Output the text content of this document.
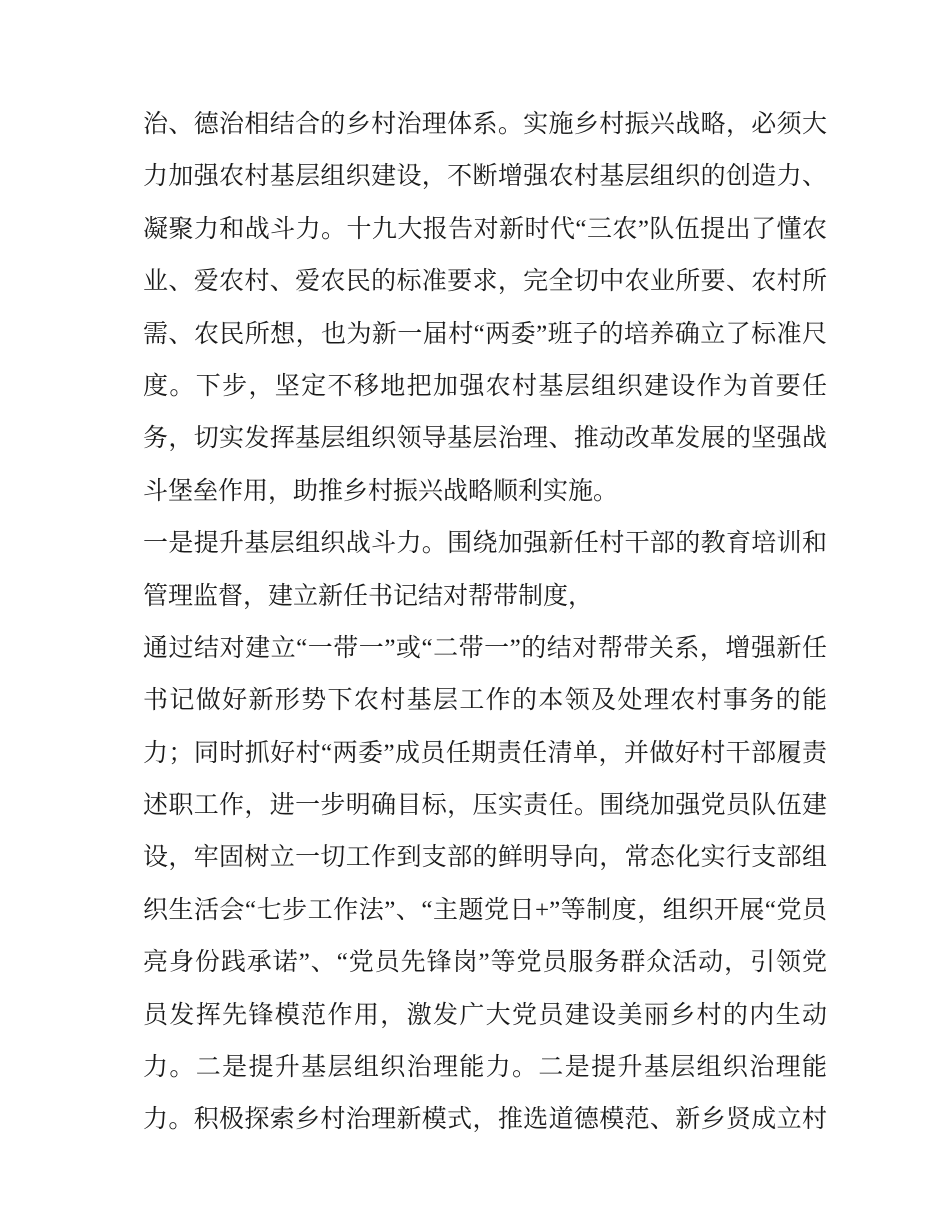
治、德治相结合的乡村治理体系。实施乡村振兴战略，必须大
力加强农村基层组织建设，不断增强农村基层组织的创造力、
凝聚力和战斗力。十九大报告对新时代“三农”队伍提出了懂农
业、爱农村、爱农民的标准要求，完全切中农业所要、农村所
需、农民所想，也为新一届村“两委”班子的培养确立了标准尺
度。下步，坚定不移地把加强农村基层组织建设作为首要任
务，切实发挥基层组织领导基层治理、推动改革发展的坚强战
斗堡垒作用，助推乡村振兴战略顺利实施。
一是提升基层组织战斗力。围绕加强新任村干部的教育培训和
管理监督，建立新任书记结对帮带制度，
通过结对建立“一带一”或“二带一”的结对帮带关系，增强新任
书记做好新形势下农村基层工作的本领及处理农村事务的能
力；同时抓好村“两委”成员任期责任清单，并做好村干部履责
述职工作，进一步明确目标，压实责任。围绕加强党员队伍建
设，牢固树立一切工作到支部的鲜明导向，常态化实行支部组
织生活会“七步工作法”、“主题党日+”等制度，组织开展“党员
亮身份践承诺”、“党员先锋岗”等党员服务群众活动，引领党
员发挥先锋模范作用，激发广大党员建设美丽乡村的内生动
力。二是提升基层组织治理能力。二是提升基层组织治理能
力。积极探索乡村治理新模式，推选道德模范、新乡贤成立村
